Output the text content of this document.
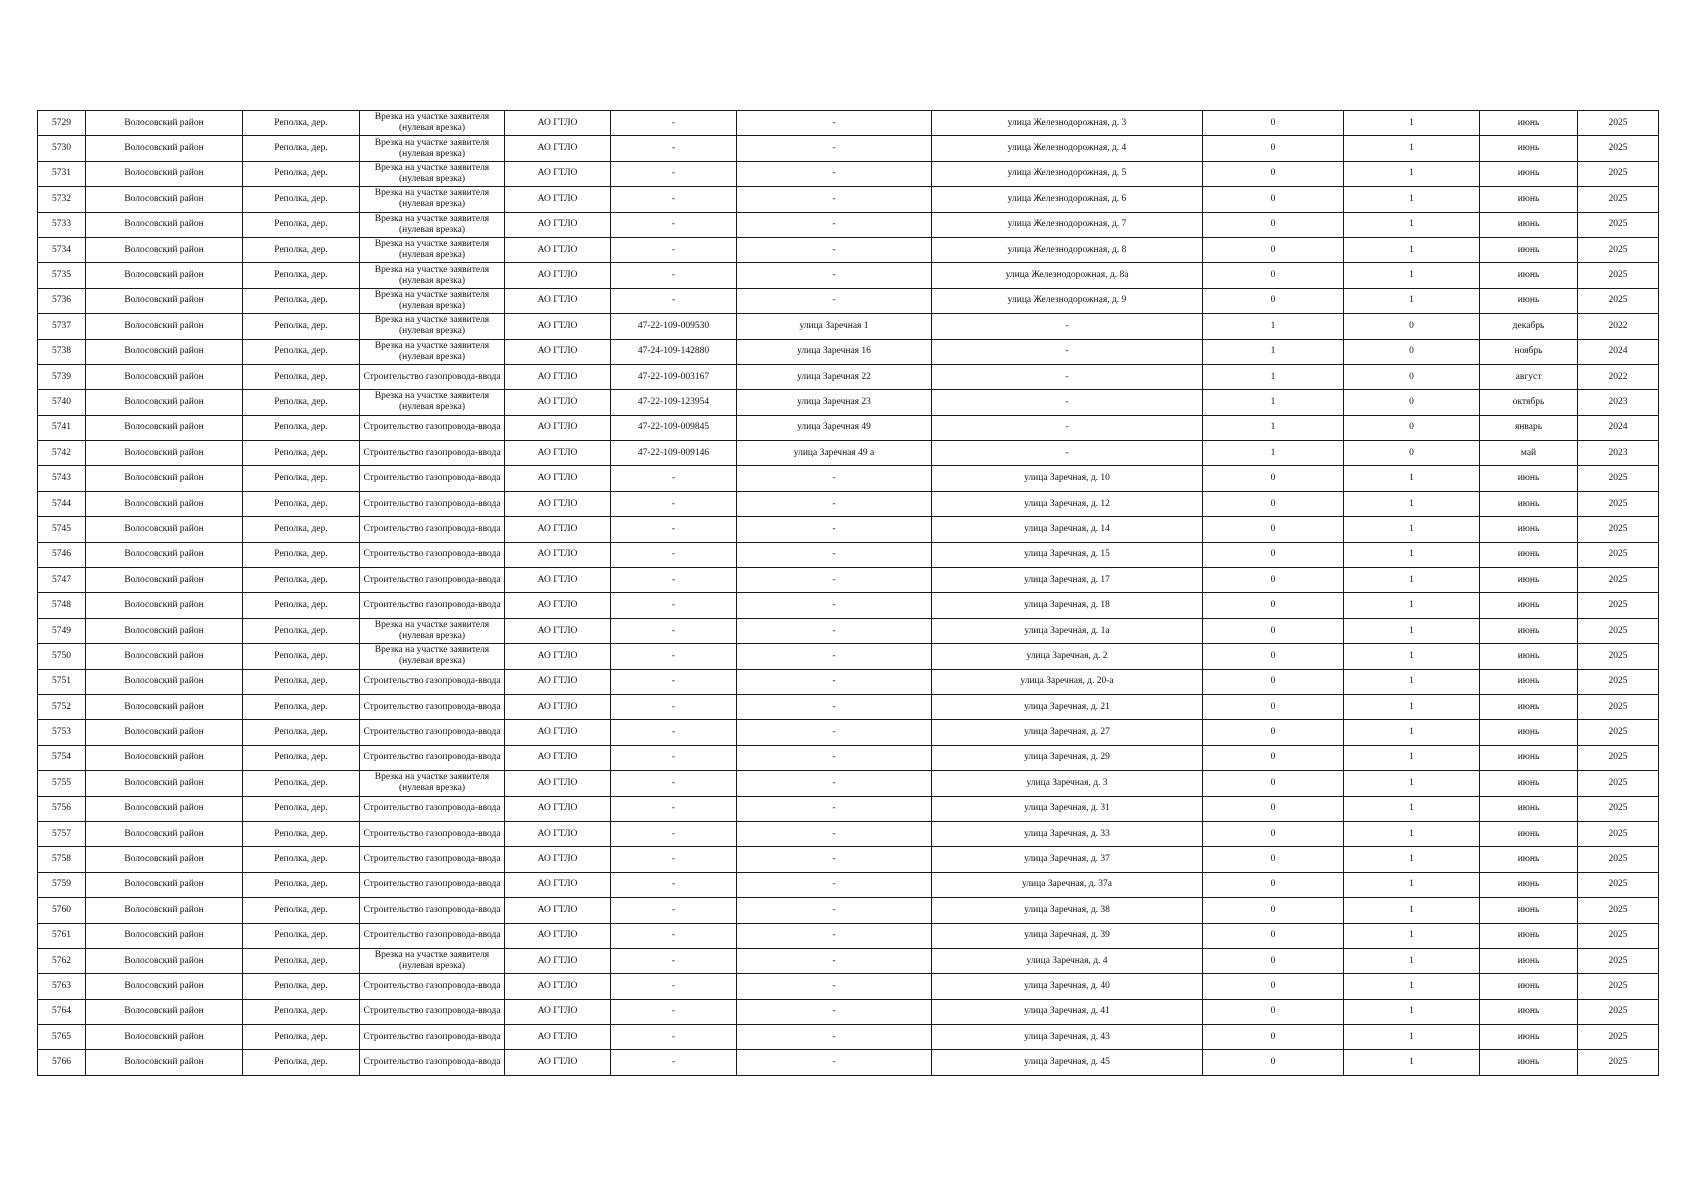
5729	Волосовский район	Реполка, дер.	Врезка на участке заявителя (нулевая врезка)	АО ГТЛО	-	-	улица Железнодорожная, д. 3	0	1	июнь	2025
5730	Волосовский район	Реполка, дер.	Врезка на участке заявителя (нулевая врезка)	АО ГТЛО	-	-	улица Железнодорожная, д. 4	0	1	июнь	2025
5731	Волосовский район	Реполка, дер.	Врезка на участке заявителя (нулевая врезка)	АО ГТЛО	-	-	улица Железнодорожная, д. 5	0	1	июнь	2025
5732	Волосовский район	Реполка, дер.	Врезка на участке заявителя (нулевая врезка)	АО ГТЛО	-	-	улица Железнодорожная, д. 6	0	1	июнь	2025
5733	Волосовский район	Реполка, дер.	Врезка на участке заявителя (нулевая врезка)	АО ГТЛО	-	-	улица Железнодорожная, д. 7	0	1	июнь	2025
5734	Волосовский район	Реполка, дер.	Врезка на участке заявителя (нулевая врезка)	АО ГТЛО	-	-	улица Железнодорожная, д. 8	0	1	июнь	2025
5735	Волосовский район	Реполка, дер.	Врезка на участке заявителя (нулевая врезка)	АО ГТЛО	-	-	улица Железнодорожная, д. 8а	0	1	июнь	2025
5736	Волосовский район	Реполка, дер.	Врезка на участке заявителя (нулевая врезка)	АО ГТЛО	-	-	улица Железнодорожная, д. 9	0	1	июнь	2025
5737	Волосовский район	Реполка, дер.	Врезка на участке заявителя (нулевая врезка)	АО ГТЛО	47-22-109-009530	улица Заречная 1	-	1	0	декабрь	2022
5738	Волосовский район	Реполка, дер.	Врезка на участке заявителя (нулевая врезка)	АО ГТЛО	47-24-109-142880	улица Заречная 16	-	1	0	ноябрь	2024
5739	Волосовский район	Реполка, дер.	Строительство газопровода-ввода	АО ГТЛО	47-22-109-003167	улица Заречная 22	-	1	0	август	2022
5740	Волосовский район	Реполка, дер.	Врезка на участке заявителя (нулевая врезка)	АО ГТЛО	47-22-109-123954	улица Заречная 23	-	1	0	октябрь	2023
5741	Волосовский район	Реполка, дер.	Строительство газопровода-ввода	АО ГТЛО	47-22-109-009845	улица Заречная 49	-	1	0	январь	2024
5742	Волосовский район	Реполка, дер.	Строительство газопровода-ввода	АО ГТЛО	47-22-109-009146	улица Заречная 49 а	-	1	0	май	2023
5743	Волосовский район	Реполка, дер.	Строительство газопровода-ввода	АО ГТЛО	-	-	улица Заречная, д. 10	0	1	июнь	2025
5744	Волосовский район	Реполка, дер.	Строительство газопровода-ввода	АО ГТЛО	-	-	улица Заречная, д. 12	0	1	июнь	2025
5745	Волосовский район	Реполка, дер.	Строительство газопровода-ввода	АО ГТЛО	-	-	улица Заречная, д. 14	0	1	июнь	2025
5746	Волосовский район	Реполка, дер.	Строительство газопровода-ввода	АО ГТЛО	-	-	улица Заречная, д. 15	0	1	июнь	2025
5747	Волосовский район	Реполка, дер.	Строительство газопровода-ввода	АО ГТЛО	-	-	улица Заречная, д. 17	0	1	июнь	2025
5748	Волосовский район	Реполка, дер.	Строительство газопровода-ввода	АО ГТЛО	-	-	улица Заречная, д. 18	0	1	июнь	2025
5749	Волосовский район	Реполка, дер.	Врезка на участке заявителя (нулевая врезка)	АО ГТЛО	-	-	улица Заречная, д. 1а	0	1	июнь	2025
5750	Волосовский район	Реполка, дер.	Врезка на участке заявителя (нулевая врезка)	АО ГТЛО	-	-	улица Заречная, д. 2	0	1	июнь	2025
5751	Волосовский район	Реполка, дер.	Строительство газопровода-ввода	АО ГТЛО	-	-	улица Заречная, д. 20-а	0	1	июнь	2025
5752	Волосовский район	Реполка, дер.	Строительство газопровода-ввода	АО ГТЛО	-	-	улица Заречная, д. 21	0	1	июнь	2025
5753	Волосовский район	Реполка, дер.	Строительство газопровода-ввода	АО ГТЛО	-	-	улица Заречная, д. 27	0	1	июнь	2025
5754	Волосовский район	Реполка, дер.	Строительство газопровода-ввода	АО ГТЛО	-	-	улица Заречная, д. 29	0	1	июнь	2025
5755	Волосовский район	Реполка, дер.	Врезка на участке заявителя (нулевая врезка)	АО ГТЛО	-	-	улица Заречная, д. 3	0	1	июнь	2025
5756	Волосовский район	Реполка, дер.	Строительство газопровода-ввода	АО ГТЛО	-	-	улица Заречная, д. 31	0	1	июнь	2025
5757	Волосовский район	Реполка, дер.	Строительство газопровода-ввода	АО ГТЛО	-	-	улица Заречная, д. 33	0	1	июнь	2025
5758	Волосовский район	Реполка, дер.	Строительство газопровода-ввода	АО ГТЛО	-	-	улица Заречная, д. 37	0	1	июнь	2025
5759	Волосовский район	Реполка, дер.	Строительство газопровода-ввода	АО ГТЛО	-	-	улица Заречная, д. 37а	0	1	июнь	2025
5760	Волосовский район	Реполка, дер.	Строительство газопровода-ввода	АО ГТЛО	-	-	улица Заречная, д. 38	0	1	июнь	2025
5761	Волосовский район	Реполка, дер.	Строительство газопровода-ввода	АО ГТЛО	-	-	улица Заречная, д. 39	0	1	июнь	2025
5762	Волосовский район	Реполка, дер.	Врезка на участке заявителя (нулевая врезка)	АО ГТЛО	-	-	улица Заречная, д. 4	0	1	июнь	2025
5763	Волосовский район	Реполка, дер.	Строительство газопровода-ввода	АО ГТЛО	-	-	улица Заречная, д. 40	0	1	июнь	2025
5764	Волосовский район	Реполка, дер.	Строительство газопровода-ввода	АО ГТЛО	-	-	улица Заречная, д. 41	0	1	июнь	2025
5765	Волосовский район	Реполка, дер.	Строительство газопровода-ввода	АО ГТЛО	-	-	улица Заречная, д. 43	0	1	июнь	2025
5766	Волосовский район	Реполка, дер.	Строительство газопровода-ввода	АО ГТЛО	-	-	улица Заречная, д. 45	0	1	июнь	2025
